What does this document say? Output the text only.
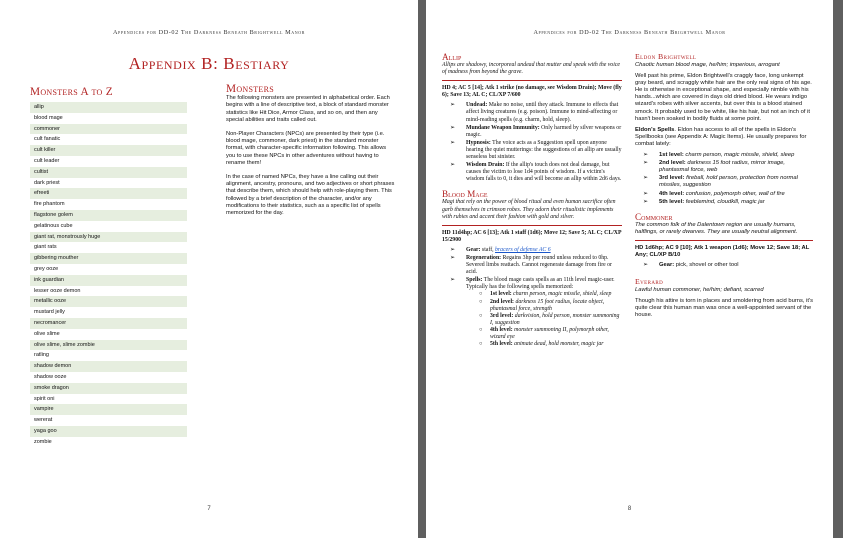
Appendices for DD-02 The Darkness Beneath Brightwell Manor
Appendix B: Bestiary
Monsters A to Z
allip
blood mage
commoner
cult fanatic
cult killer
cult leader
cultist
dark priest
efreeti
fire phantom
flagstone golem
gelatinous cube
giant rat, monstrously huge
giant rats
gibbering mouther
grey ooze
ink guardian
lesser ooze demon
metallic ooze
mustard jelly
necromancer
olive slime
olive slime, slime zombie
ratling
shadow demon
shadow ooze
smoke dragon
spirit oni
vampire
wererat
yaga goo
zombie
Monsters

The following monsters are presented in alphabetical order. Each begins with a line of descriptive text, a block of standard monster statistics like Hit Dice, Armor Class, and so on, and then any special abilities and traits called out.

Non-Player Characters (NPCs) are presented by their type (i.e. blood mage, commoner, dark priest) in the standard monster format, with character-specific information following. This allows you to use these NPCs in other adventures without having to rename them!

In the case of named NPCs, they have a line calling out their alignment, ancestry, pronouns, and two adjectives or short phrases that describe them, which should help with role-playing them. This followed by a brief description of the character, and/or any modifications to their statistics, such as a specific list of spells memorized for the day.

7
Appendices for DD-02 The Darkness Beneath Brightwell Manor
Allip
Allips are shadowy, incorporeal undead that mutter and speak with the voice of madness from beyond the grave.
HD 4; AC 5 [14]; Atk 1 strike (no damage, see Wisdom Drain); Move (fly 6); Save 13; AL C; CL/XP 7/600
➢ Undead: Make no noise, until they attack. Immune to effects that affect living creatures (e.g. poison). Immune to mind-affecting or mind-reading spells (e.g. charm, hold, sleep).
➢ Mundane Weapon Immunity: Only harmed by silver weapons or magic.
➢ Hypnosis: The voice acts as a Suggestion spell upon anyone hearing the quiet mutterings: the suggestions of an allip are usually senseless but sinister.
➢ Wisdom Drain: If the allip's touch does not deal damage, but causes the victim to lose 1d4 points of wisdom. If a victim's wisdom falls to 0, it dies and will become an allip within 2d6 days.
Blood Mage
Magi that rely on the power of blood ritual and even human sacrifice often garb themselves in crimson robes. They adorn their ritualistic implements with rubies and accent their fashion with gold and silver.
HD 11d4hp; AC 6 [13]; Atk 1 staff (1d6); Move 12; Save 5; AL C; CL/XP 15/2900
➢ Gear: staff, bracers of defense AC 6
➢ Regeneration: Regains 3hp per round unless reduced to 0hp. Severed limbs reattach. Cannot regenerate damage from fire or acid.
➢ Spells: The blood mage casts spells as an 11th level magic-user. Typically has the following spells memorized:
○ 1st level: charm person, magic missile, shield, sleep
○ 2nd level: darkness 15 foot radius, locate object, phantasmal force, strength
○ 3rd level: darkvision, hold person, monster summoning I, suggestion
○ 4th level: monster summoning II, polymorph other, wizard eye
○ 5th level: animate dead, hold monster, magic jar
Eldon Brightwell
Chaotic human blood mage, he/him; imperious, arrogant

Well past his prime, Eldon Brightwell's craggly face, long unkempt gray beard, and scraggly white hair are the only real signs of his age. He is otherwise in exceptional shape, and especially nimble with his hands...which are covered in days old dried blood. He wears indigo wizard's robes with silver accents, but over this is a blood stained smock. It probably used to be white, like his hair, but not an inch of it hasn't been soaked in bodily fluids at some point.

Eldon's Spells. Eldon has access to all of the spells in Eldon's Spellbooks (see Appendix A: Magic Items). He usually prepares for combat lately:

➢ 1st level: charm person, magic missile, shield, sleep
➢ 2nd level: darkness 15 foot radius, mirror image, phantasmal force, web
➢ 3rd level: fireball, hold person, protection from normal missiles, suggestion
➢ 4th level: confusion, polymorph other, wall of fire
➢ 5th level: feeblemind, cloudkill, magic jar
Commoner
The common folk of the Dalentown region are usually humans, halflings, or rarely dwarves. They are usually neutral alignment.
HD 1d6hp; AC 9 [10]; Atk 1 weapon (1d6); Move 12; Save 18; AL Any; CL/XP B/10
➢ Gear: pick, shovel or other tool
Everard
Lawful human commoner, he/him; defiant, scarred

Though his attire is torn in places and smoldering from acid burns, it's quite clear this human man was once a well-appointed servant of the house.

8
